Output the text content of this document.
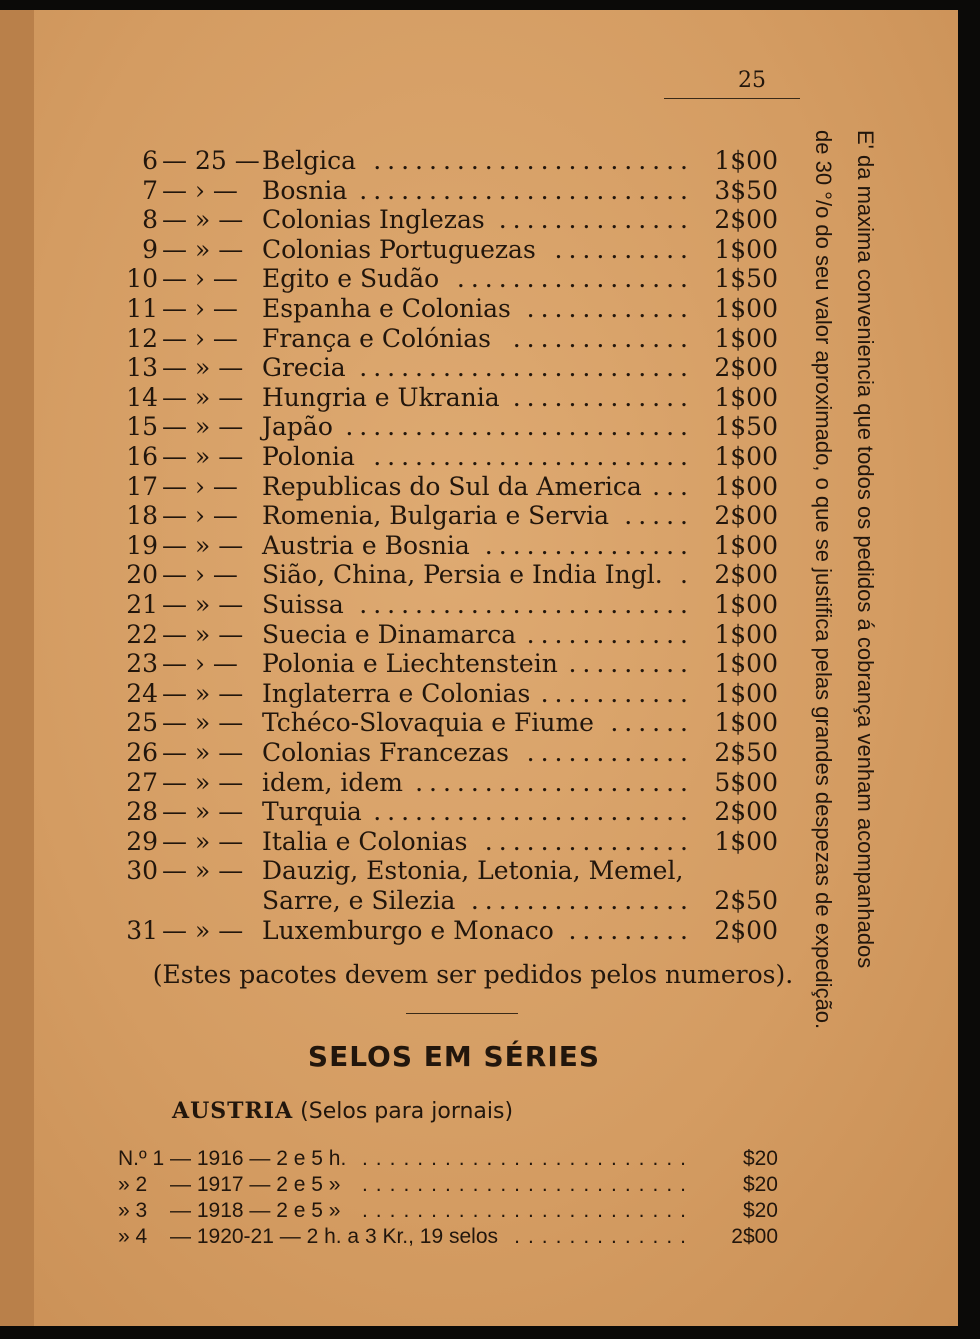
25
.......................
6 — 25 — Belgica	1$00
........................
7 — › — Bosnia	3$50
..............
8 — » — Colonias Inglezas	2$00
..........
9 — » — Colonias Portuguezas	1$00
.................
10 — › — Egito e Sudão	1$50
............
11 — › — Espanha e Colonias	1$00
.............
12 — › — França e Colónias	1$00
........................
13 — » — Grecia	2$00
.............
14 — » — Hungria e Ukrania	1$00
.........................
15 — » — Japão	1$50
.......................
16 — » — Polonia	1$00
...
17 — › — Republicas do Sul da America	1$00
.....
18 — › — Romenia, Bulgaria e Servia	2$00
...............
19 — » — Austria e Bosnia	1$00
.
20 — › — Sião, China, Persia e India Ingl.	2$00
........................
21 — » — Suissa	1$00
............
22 — » — Suecia e Dinamarca	1$00
.........
23 — › — Polonia e Liechtenstein	1$00
...........
24 — » — Inglaterra e Colonias	1$00
......
25 — » — Tchéco-Slovaquia e Fiume	1$00
............
26 — » — Colonias Francezas	2$50
....................
27 — » — idem, idem	5$00
.......................
28 — » — Turquia	2$00
...............
29 — » — Italia e Colonias	1$00
30 — » — Dauzig, Estonia, Letonia, Memel,
................
Sarre, e Silezia	2$50
.........
31 — » — Luxemburgo e Monaco	2$00
(Estes pacotes devem ser pedidos pelos numeros).
SELOS EM SÉRIES
AUSTRIA (Selos para jornais)
........................
N.º 1 — 1916 — 2 e 5 h.	$20
........................
» 2	— 1917 — 2 e 5 »	$20
........................
» 3	— 1918 — 2 e 5 »	$20
.............
» 4	— 1920-21 — 2 h. a 3 Kr., 19 selos	2$00
E' da maxima conveniencia que todos os pedidos á cobrança venham acompanhados
de 30 °/o do seu valor aproximado, o que se justifica pelas grandes despezas de expedição.
